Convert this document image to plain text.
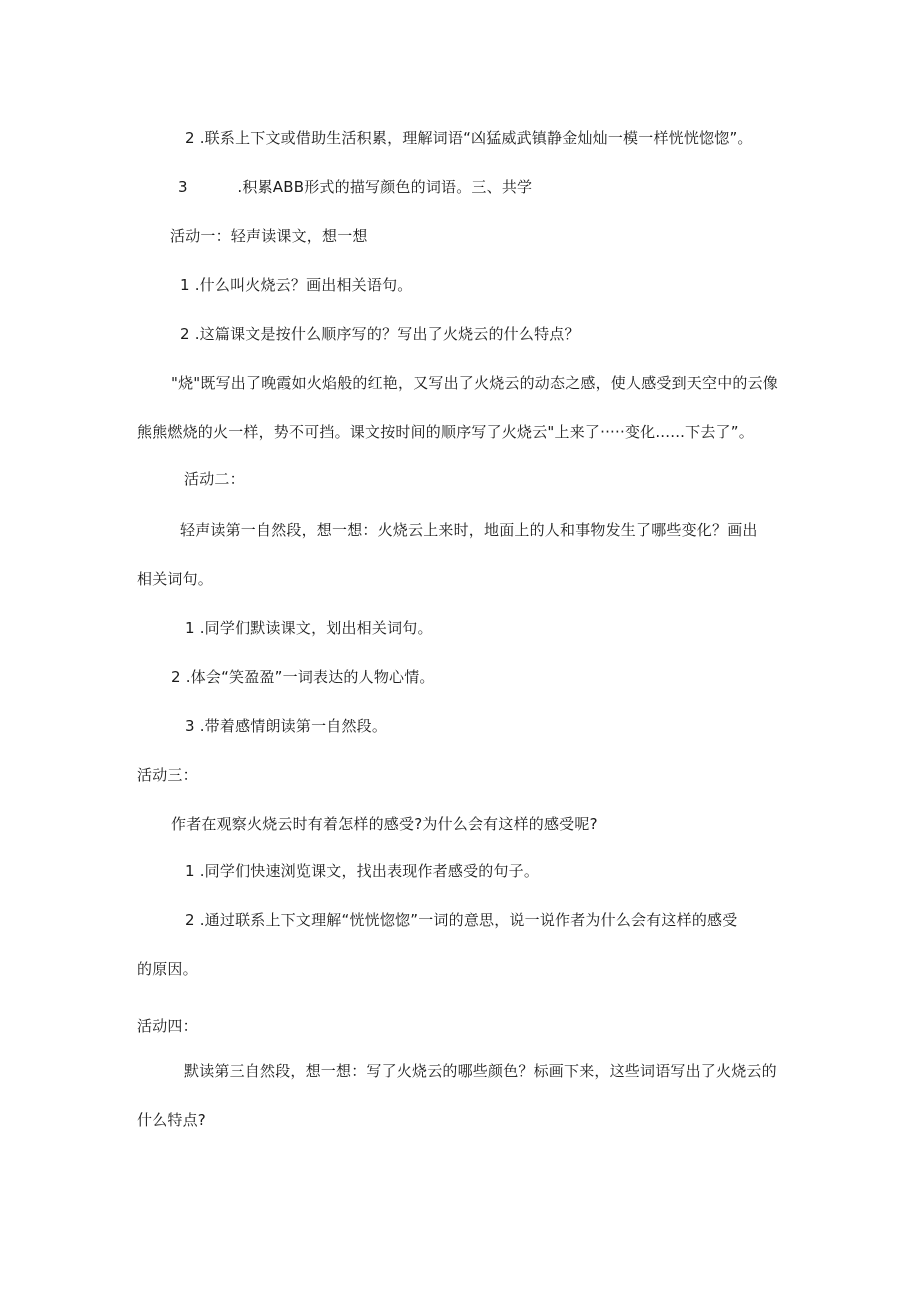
2 .联系上下文或借助生活积累，理解词语“凶猛威武镇静金灿灿一模一样恍恍惚惚”。
3          .积累ABB形式的描写颜色的词语。三、共学
活动一：轻声读课文，想一想
1 .什么叫火烧云？画出相关语句。
2 .这篇课文是按什么顺序写的？写出了火烧云的什么特点？
"烧"既写出了晚霞如火焰般的红艳，又写出了火烧云的动态之感，使人感受到天空中的云像
熊熊燃烧的火一样，势不可挡。课文按时间的顺序写了火烧云"上来了·····变化......下去了”。
活动二：
轻声读第一自然段，想一想：火烧云上来时，地面上的人和事物发生了哪些变化？画出
相关词句。
1 .同学们默读课文，划出相关词句。
2 .体会“笑盈盈”一词表达的人物心情。
3 .带着感情朗读第一自然段。
活动三：
作者在观察火烧云时有着怎样的感受?为什么会有这样的感受呢?
1 .同学们快速浏览课文，找出表现作者感受的句子。
2 .通过联系上下文理解“恍恍惚惚”一词的意思，说一说作者为什么会有这样的感受
的原因。
活动四：
默读第三自然段，想一想：写了火烧云的哪些颜色？标画下来，这些词语写出了火烧云的
什么特点?
